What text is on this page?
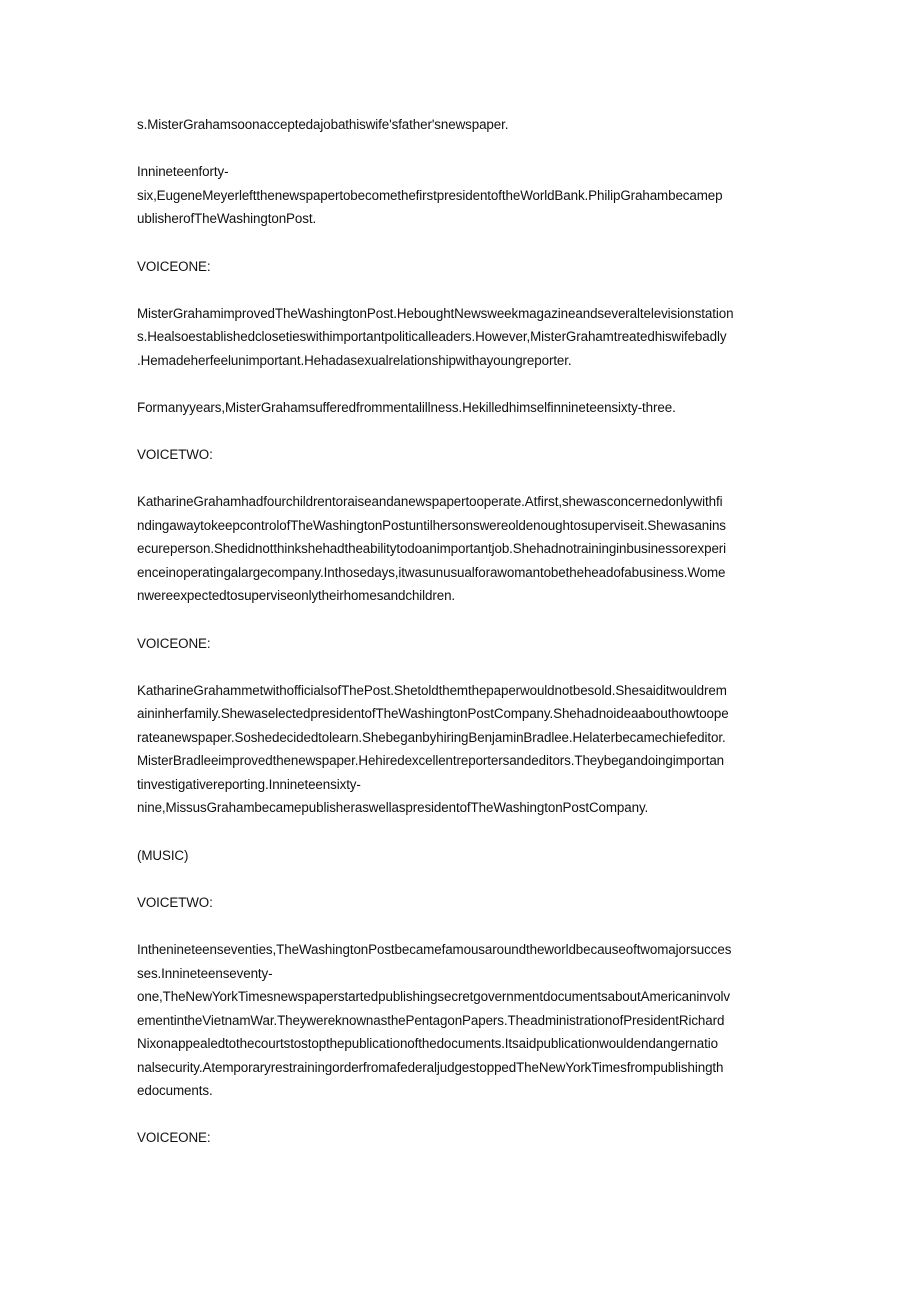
s.MisterGrahamsoonacceptedajobathiswife'sfather'snewspaper.
Innineteenforty-
six,EugeneMeyerleftthenewspapertobecomethefirstpresidentoftheWorldBank.PhilipGrahambecamep
ublisherofTheWashingtonPost.
VOICEONE:
MisterGrahamimprovedTheWashingtonPost.HeboughtNewsweekmagazineandseveraltelevisionstation
s.Healsoestablishedclosetieswithimportantpoliticalleaders.However,MisterGrahamtreatedhiswifebadly
.Hemadeherfeelunimportant.Hehadasexualrelationshipwithayoungreporter.
Formanyyears,MisterGrahamsufferedfrommentalillness.Hekilledhimselfinnineteensixty-three.
VOICETWO:
KatharineGrahamhadfourchildrentoraiseandanewspapertooperate.Atfirst,shewasconcernedonlywithfi
ndingawaytokeepcontrolofTheWashingtonPostuntilhersonswereoldenoughtosuperviseit.Shewasanins
ecureperson.Shedidnotthinkshehadtheabilitytodoanimportantjob.Shehadnotraininginbusinessorexperi
enceinoperatingalargecompany.Inthosedays,itwasunusualforawomantobetheheadofabusiness.Wome
nwereexpectedtosuperviseonlytheirhomesandchildren.
VOICEONE:
KatharineGrahammetwithofficialsofThePost.Shetoldthemthepaperwouldnotbesold.Shesaiditwouldrem
aininherfamily.ShewaselectedpresidentofTheWashingtonPostCompany.Shehadnoideaabouthowtoope
rateanewspaper.Soshedecidedtolearn.ShebeganbyhiringBenjaminBradlee.Helaterbecamechiefeditor.
MisterBradleeimprovedthenewspaper.Hehiredexcellentreportersandeditors.Theybegandoingimportan
tinvestigativereporting.Innineteensixty-
nine,MissusGrahambecamepublisheraswellaspresidentofTheWashingtonPostCompany.
(MUSIC)
VOICETWO:
Inthenineteenseventies,TheWashingtonPostbecamefamousaroundtheworldbecauseoftwomajorsucces
ses.Innineteenseventy-
one,TheNewYorkTimesnewspaperstartedpublishingsecretgovernmentdocumentsaboutAmericaninvolv
ementintheVietnamWar.TheywereknownasthePentagonPapers.TheadministrationofPresidentRichard
Nixonappealedtothecourtstostopthepublicationofthedocuments.Itsaidpublicationwouldendangernatio
nalsecurity.AtemporaryrestrainingorderfromafederaljudgestoppedTheNewYorkTimesfrompublishingth
edocuments.
VOICEONE:
